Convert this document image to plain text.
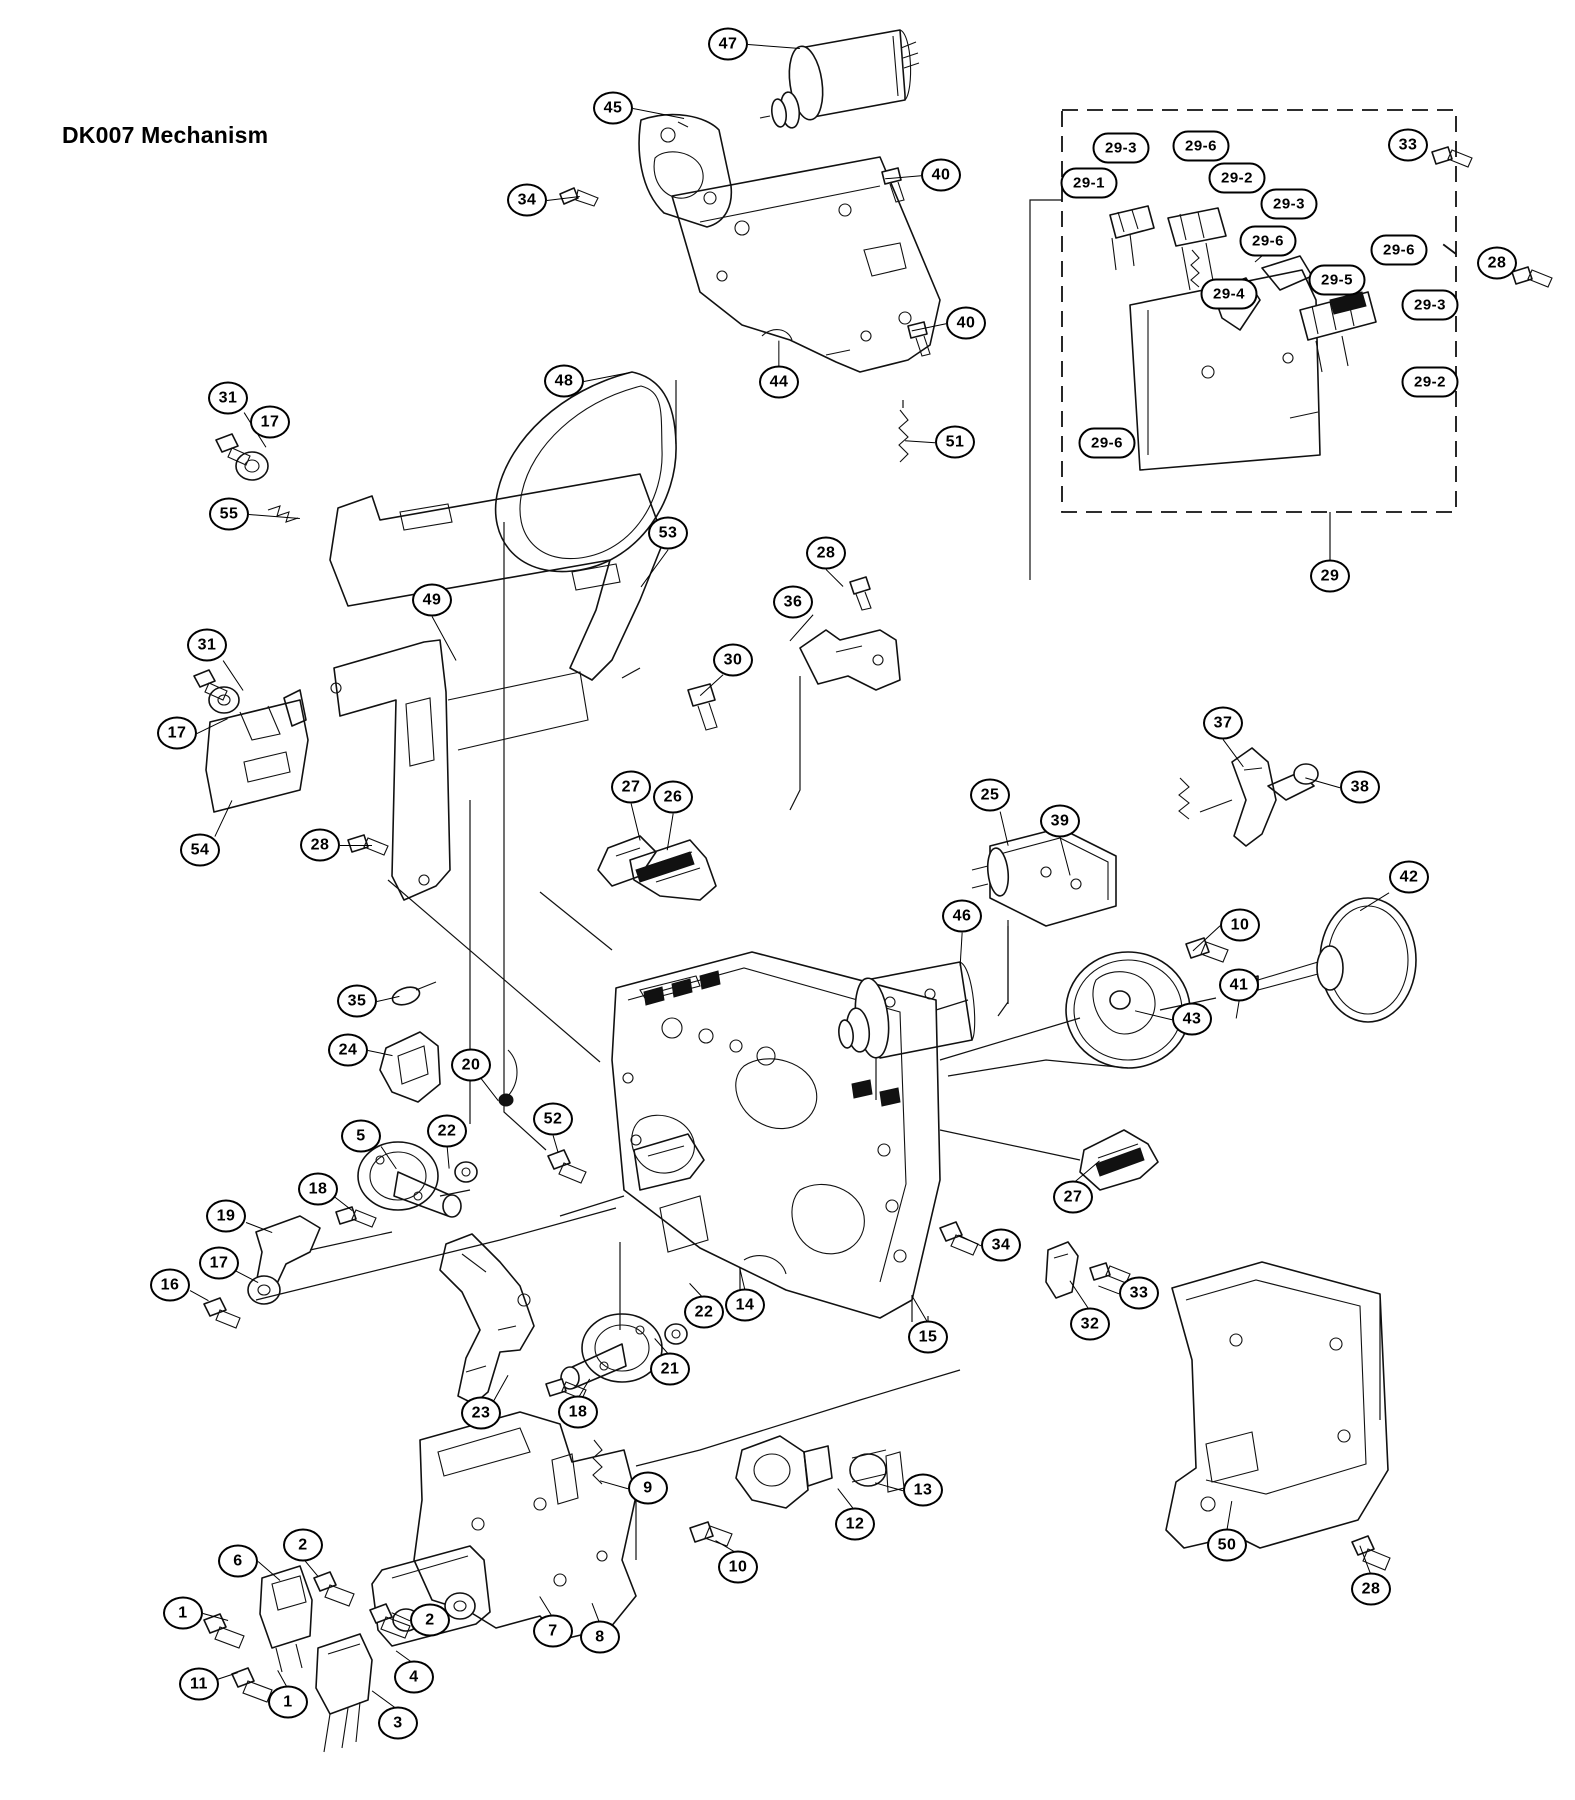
DK007 Mechanism
47
45
33
29-3	29-6
29-2
29-1
34
40
29-3
29-6
29-6
28
29-5
29-4
29-3
40
48	44	29-2
51	29-6
31
17
55
53
29
28
36
49
31
30
17
37
38
25
27
26
39
54	28
42
46
10
43
41
35
24
20
52
5	22
18
19
27
17
16
34
14
33
32
22
15
21
23	18
9	13
12
50
2
6	10
28
1	2
7	8
11	4
1
3
